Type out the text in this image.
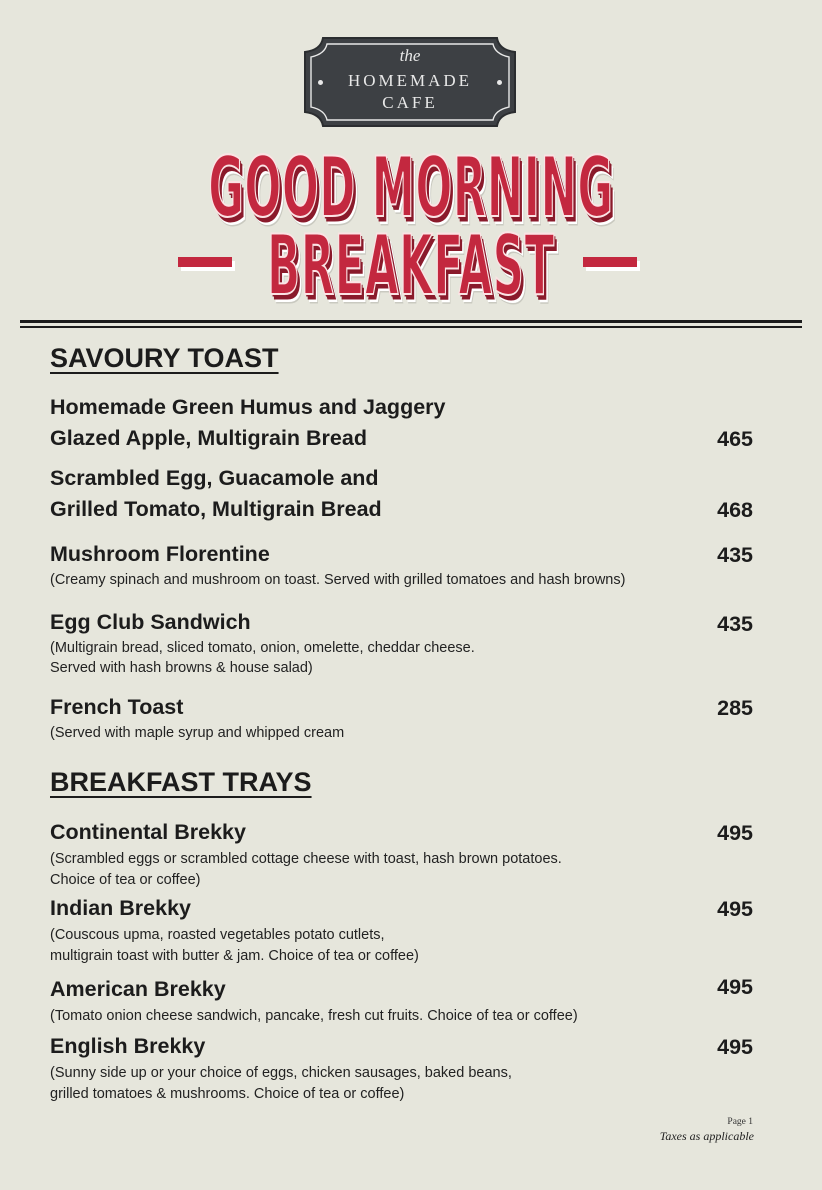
the
HOMEMADE
CAFE
GOOD MORNING
BREAKFAST
SAVOURY TOAST
Homemade Green Humus and Jaggery
Glazed Apple, Multigrain Bread	465
Scrambled Egg, Guacamole and
Grilled Tomato, Multigrain Bread	468
Mushroom Florentine	435
(Creamy spinach and mushroom on toast. Served with grilled tomatoes and hash browns)
Egg Club Sandwich	435
(Multigrain bread, sliced tomato, onion, omelette, cheddar cheese.
Served with hash browns & house salad)
French Toast	285
(Served with maple syrup and whipped cream
BREAKFAST TRAYS
Continental Brekky	495
(Scrambled eggs or scrambled cottage cheese with toast, hash brown potatoes.
Choice of tea or coffee)
Indian Brekky	495
(Couscous upma, roasted vegetables potato cutlets,
multigrain toast with butter & jam. Choice of tea or coffee)
American Brekky	495
(Tomato onion cheese sandwich, pancake, fresh cut fruits. Choice of tea or coffee)
English Brekky	495
(Sunny side up or your choice of eggs, chicken sausages, baked beans,
grilled tomatoes & mushrooms. Choice of tea or coffee)
Page 1
Taxes as applicable
